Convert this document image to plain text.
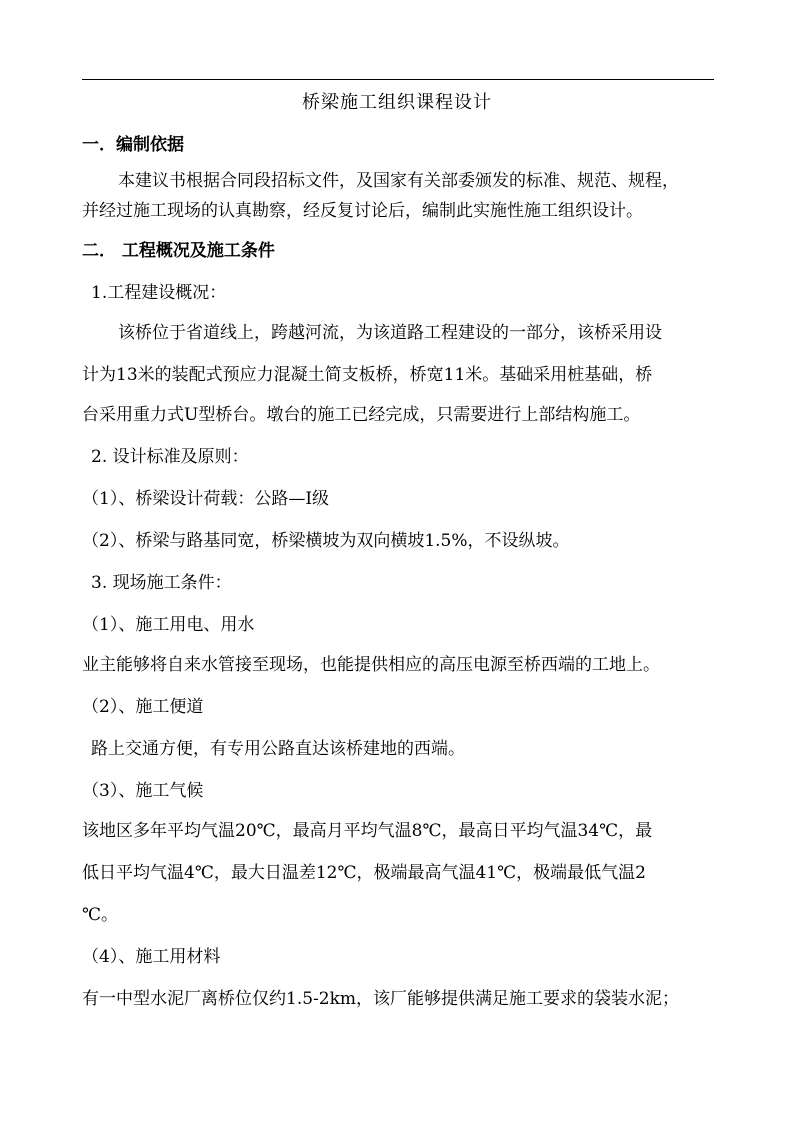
桥梁施工组织课程设计
一．编制依据
本建议书根据合同段招标文件，及国家有关部委颁发的标准、规范、规程，
并经过施工现场的认真勘察，经反复讨论后，编制此实施性施工组织设计。
二． 工程概况及施工条件
1.工程建设概况：
该桥位于省道线上，跨越河流，为该道路工程建设的一部分，该桥采用设
计为13米的装配式预应力混凝土简支板桥，桥宽11米。基础采用桩基础，桥
台采用重力式U型桥台。墩台的施工已经完成，只需要进行上部结构施工。
2. 设计标准及原则：
（1）、桥梁设计荷载：公路—Ⅰ级
（2）、桥梁与路基同宽，桥梁横坡为双向横坡1.5%，不设纵坡。
3. 现场施工条件：
（1）、施工用电、用水
业主能够将自来水管接至现场，也能提供相应的高压电源至桥西端的工地上。
（2）、施工便道
路上交通方便，有专用公路直达该桥建地的西端。
（3）、施工气候
该地区多年平均气温20℃，最高月平均气温8℃，最高日平均气温34℃，最
低日平均气温4℃，最大日温差12℃，极端最高气温41℃，极端最低气温2
℃。
（4）、施工用材料
有一中型水泥厂离桥位仅约1.5-2km，该厂能够提供满足施工要求的袋装水泥；
